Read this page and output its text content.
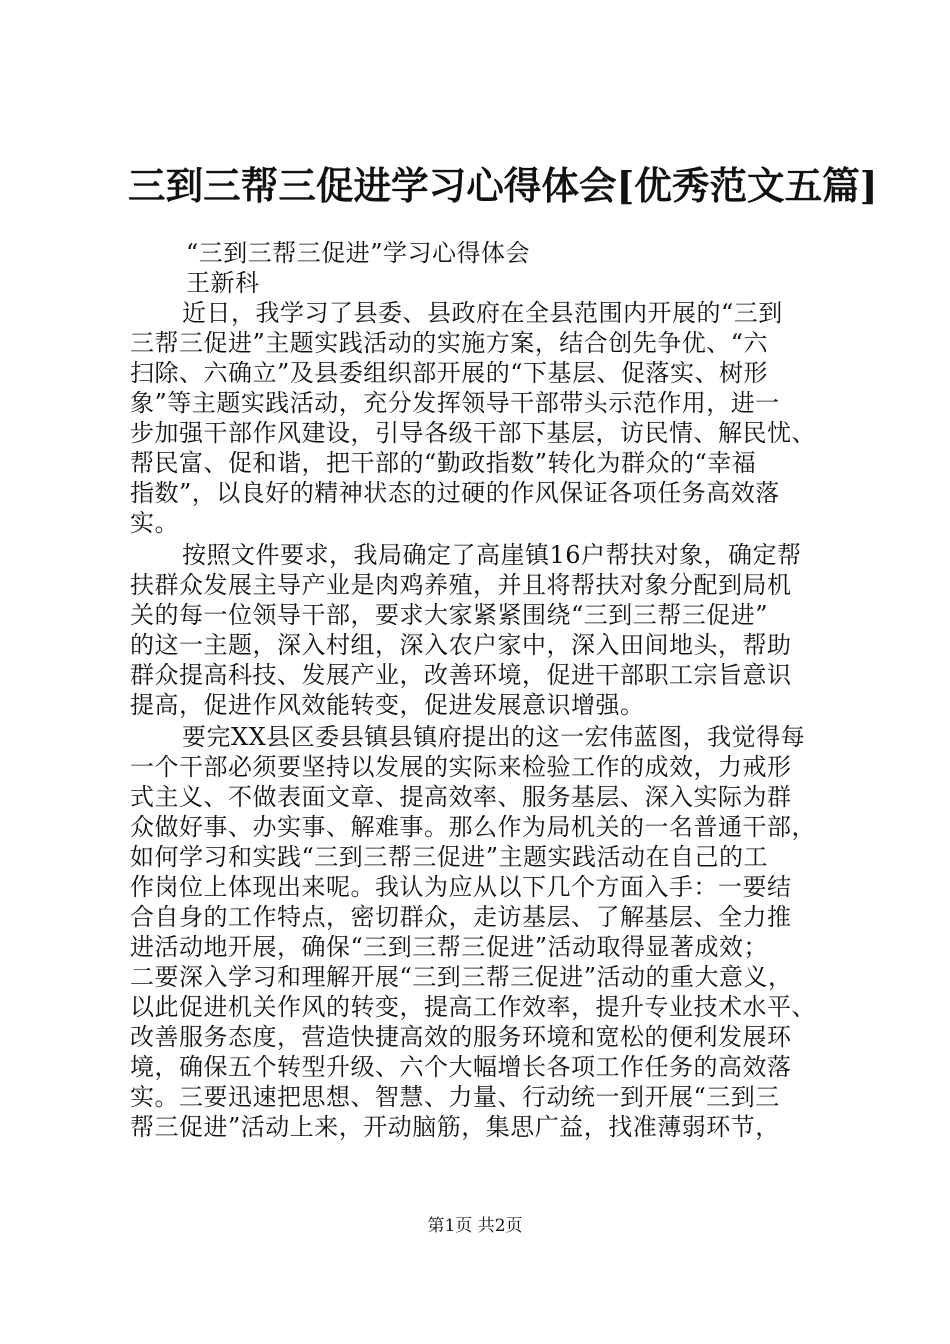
三到三帮三促进学习心得体会[优秀范文五篇]
“三到三帮三促进”学习心得体会
王新科
近日，我学习了县委、县政府在全县范围内开展的“三到
三帮三促进”主题实践活动的实施方案，结合创先争优、“六
扫除、六确立”及县委组织部开展的“下基层、促落实、树形
象”等主题实践活动，充分发挥领导干部带头示范作用，进一
步加强干部作风建设，引导各级干部下基层，访民情、解民忧、
帮民富、促和谐，把干部的“勤政指数”转化为群众的“幸福
指数”，以良好的精神状态的过硬的作风保证各项任务高效落
实。
按照文件要求，我局确定了高崖镇16户帮扶对象，确定帮
扶群众发展主导产业是肉鸡养殖，并且将帮扶对象分配到局机
关的每一位领导干部，要求大家紧紧围绕“三到三帮三促进”
的这一主题，深入村组，深入农户家中，深入田间地头，帮助
群众提高科技、发展产业，改善环境，促进干部职工宗旨意识
提高，促进作风效能转变，促进发展意识增强。
要完XX县区委县镇县镇府提出的这一宏伟蓝图，我觉得每
一个干部必须要坚持以发展的实际来检验工作的成效，力戒形
式主义、不做表面文章、提高效率、服务基层、深入实际为群
众做好事、办实事、解难事。那么作为局机关的一名普通干部，
如何学习和实践“三到三帮三促进”主题实践活动在自己的工
作岗位上体现出来呢。我认为应从以下几个方面入手：一要结
合自身的工作特点，密切群众，走访基层、了解基层、全力推
进活动地开展，确保“三到三帮三促进”活动取得显著成效；
二要深入学习和理解开展“三到三帮三促进”活动的重大意义，
以此促进机关作风的转变，提高工作效率，提升专业技术水平、
改善服务态度，营造快捷高效的服务环境和宽松的便利发展环
境，确保五个转型升级、六个大幅增长各项工作任务的高效落
实。三要迅速把思想、智慧、力量、行动统一到开展“三到三
帮三促进”活动上来，开动脑筋，集思广益，找准薄弱环节，
第1页 共2页
